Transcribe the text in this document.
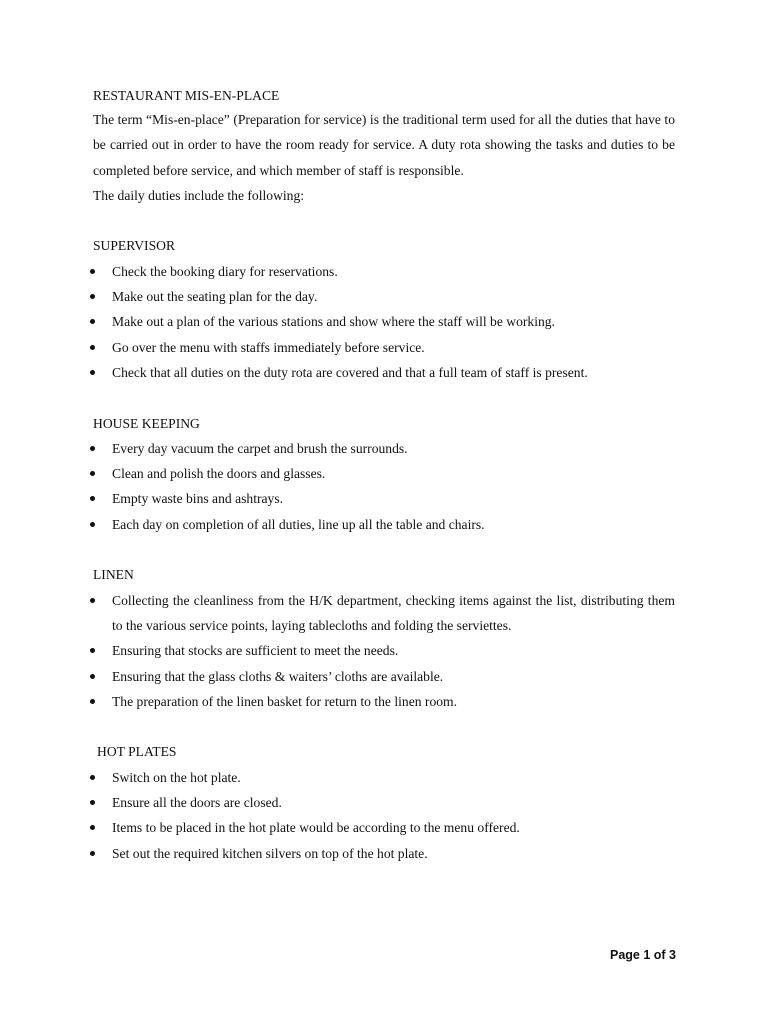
RESTAURANT MIS-EN-PLACE
The term “Mis-en-place” (Preparation for service) is the traditional term used for all the duties that have to be carried out in order to have the room ready for service. A duty rota showing the tasks and duties to be completed before service, and which member of staff is responsible.
The daily duties include the following:
SUPERVISOR
Check the booking diary for reservations.
Make out the seating plan for the day.
Make out a plan of the various stations and show where the staff will be working.
Go over the menu with staffs immediately before service.
Check that all duties on the duty rota are covered and that a full team of staff is present.
HOUSE KEEPING
Every day vacuum the carpet and brush the surrounds.
Clean and polish the doors and glasses.
Empty waste bins and ashtrays.
Each day on completion of all duties, line up all the table and chairs.
LINEN
Collecting the cleanliness from the H/K department, checking items against the list, distributing them to the various service points, laying tablecloths and folding the serviettes.
Ensuring that stocks are sufficient to meet the needs.
Ensuring that the glass cloths & waiters’ cloths are available.
The preparation of the linen basket for return to the linen room.
HOT PLATES
Switch on the hot plate.
Ensure all the doors are closed.
Items to be placed in the hot plate would be according to the menu offered.
Set out the required kitchen silvers on top of the hot plate.
Page 1 of 3
